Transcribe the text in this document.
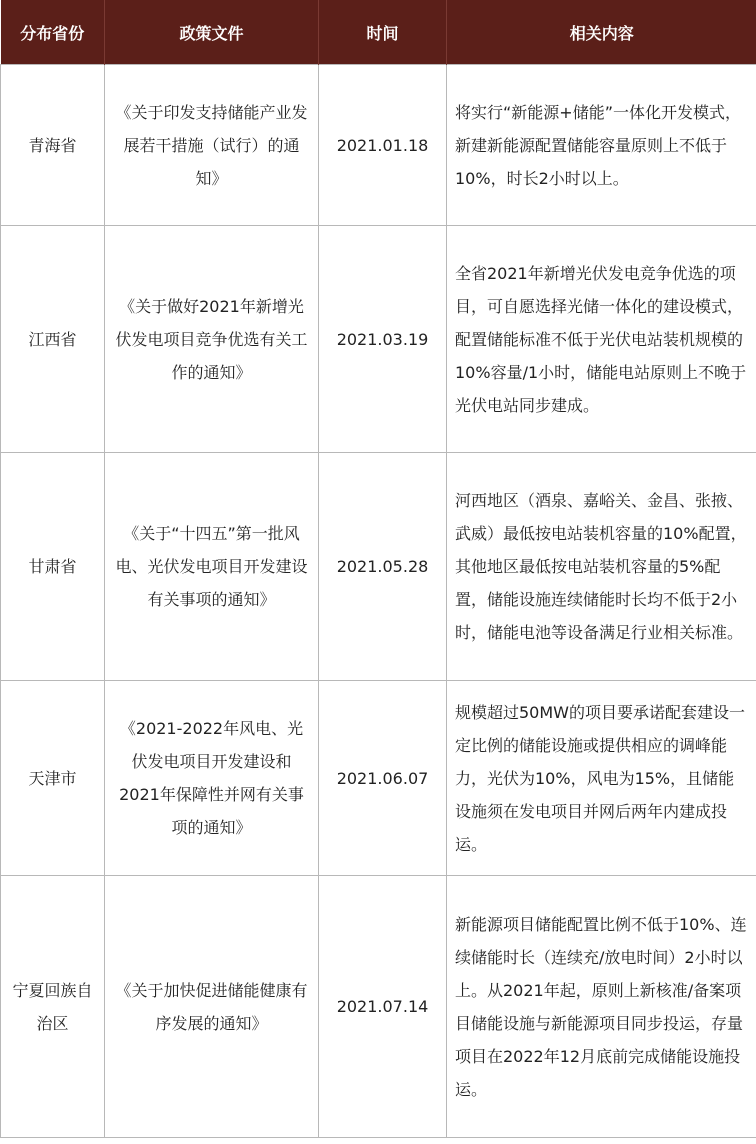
分布省份	政策文件	时间	相关内容
青海省	《关于印发支持储能产业发展若干措施（试行）的通知》	2021.01.18	将实行“新能源+储能”一体化开发模式，新建新能源配置储能容量原则上不低于10%，时长2小时以上。
江西省	《关于做好2021年新增光伏发电项目竞争优选有关工作的通知》	2021.03.19	全省2021年新增光伏发电竞争优选的项目，可自愿选择光储一体化的建设模式，配置储能标准不低于光伏电站装机规模的10%容量/1小时，储能电站原则上不晚于光伏电站同步建成。
甘肃省	《关于“十四五”第一批风电、光伏发电项目开发建设有关事项的通知》	2021.05.28	河西地区（酒泉、嘉峪关、金昌、张掖、武威）最低按电站装机容量的10%配置，其他地区最低按电站装机容量的5%配置，储能设施连续储能时长均不低于2小时，储能电池等设备满足行业相关标准。
天津市	《2021-2022年风电、光伏发电项目开发建设和2021年保障性并网有关事项的通知》	2021.06.07	规模超过50MW的项目要承诺配套建设一定比例的储能设施或提供相应的调峰能力，光伏为10%，风电为15%，且储能设施须在发电项目并网后两年内建成投运。
宁夏回族自治区	《关于加快促进储能健康有序发展的通知》	2021.07.14	新能源项目储能配置比例不低于10%、连续储能时长（连续充/放电时间）2小时以上。从2021年起，原则上新核准/备案项目储能设施与新能源项目同步投运，存量项目在2022年12月底前完成储能设施投运。
